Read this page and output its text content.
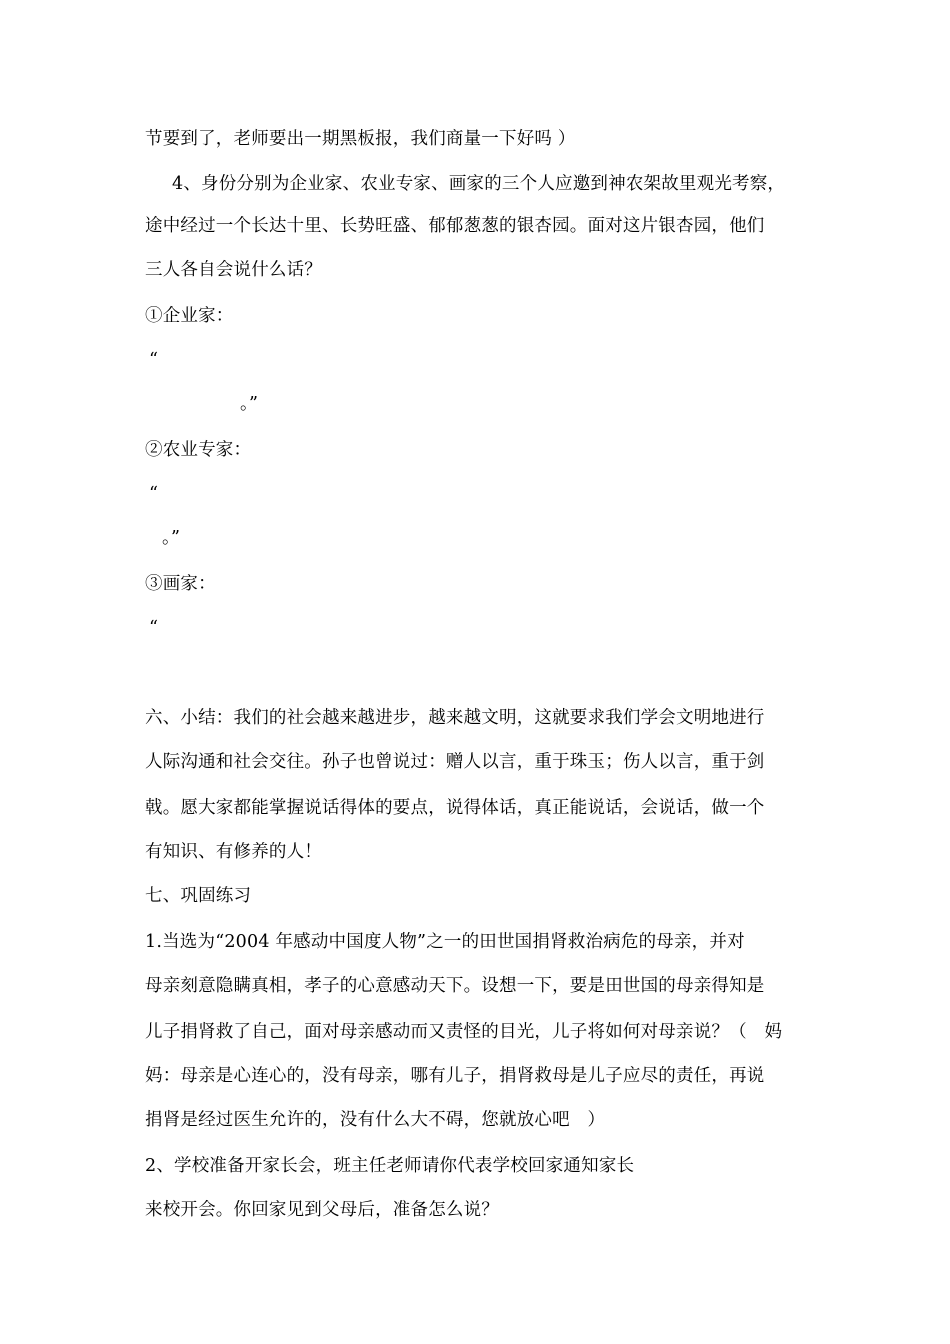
节要到了，老师要出一期黑板报，我们商量一下好吗 ）
4、身份分别为企业家、农业专家、画家的三个人应邀到神农架故里观光考察，
途中经过一个长达十里、长势旺盛、郁郁葱葱的银杏园。面对这片银杏园，他们
三人各自会说什么话？
①企业家：
“
。”
②农业专家：
“
。”
③画家：
“
六、小结：我们的社会越来越进步，越来越文明，这就要求我们学会文明地进行
人际沟通和社会交往。孙子也曾说过：赠人以言，重于珠玉；伤人以言，重于剑
戟。愿大家都能掌握说话得体的要点，说得体话，真正能说话，会说话，做一个
有知识、有修养的人！
七、巩固练习
1.当选为“2004 年感动中国度人物”之一的田世国捐肾救治病危的母亲，并对
母亲刻意隐瞒真相，孝子的心意感动天下。设想一下，要是田世国的母亲得知是
儿子捐肾救了自己，面对母亲感动而又责怪的目光，儿子将如何对母亲说？（　妈
妈：母亲是心连心的，没有母亲，哪有儿子，捐肾救母是儿子应尽的责任，再说
捐肾是经过医生允许的，没有什么大不碍，您就放心吧　）
2、学校准备开家长会，班主任老师请你代表学校回家通知家长
来校开会。你回家见到父母后，准备怎么说？
